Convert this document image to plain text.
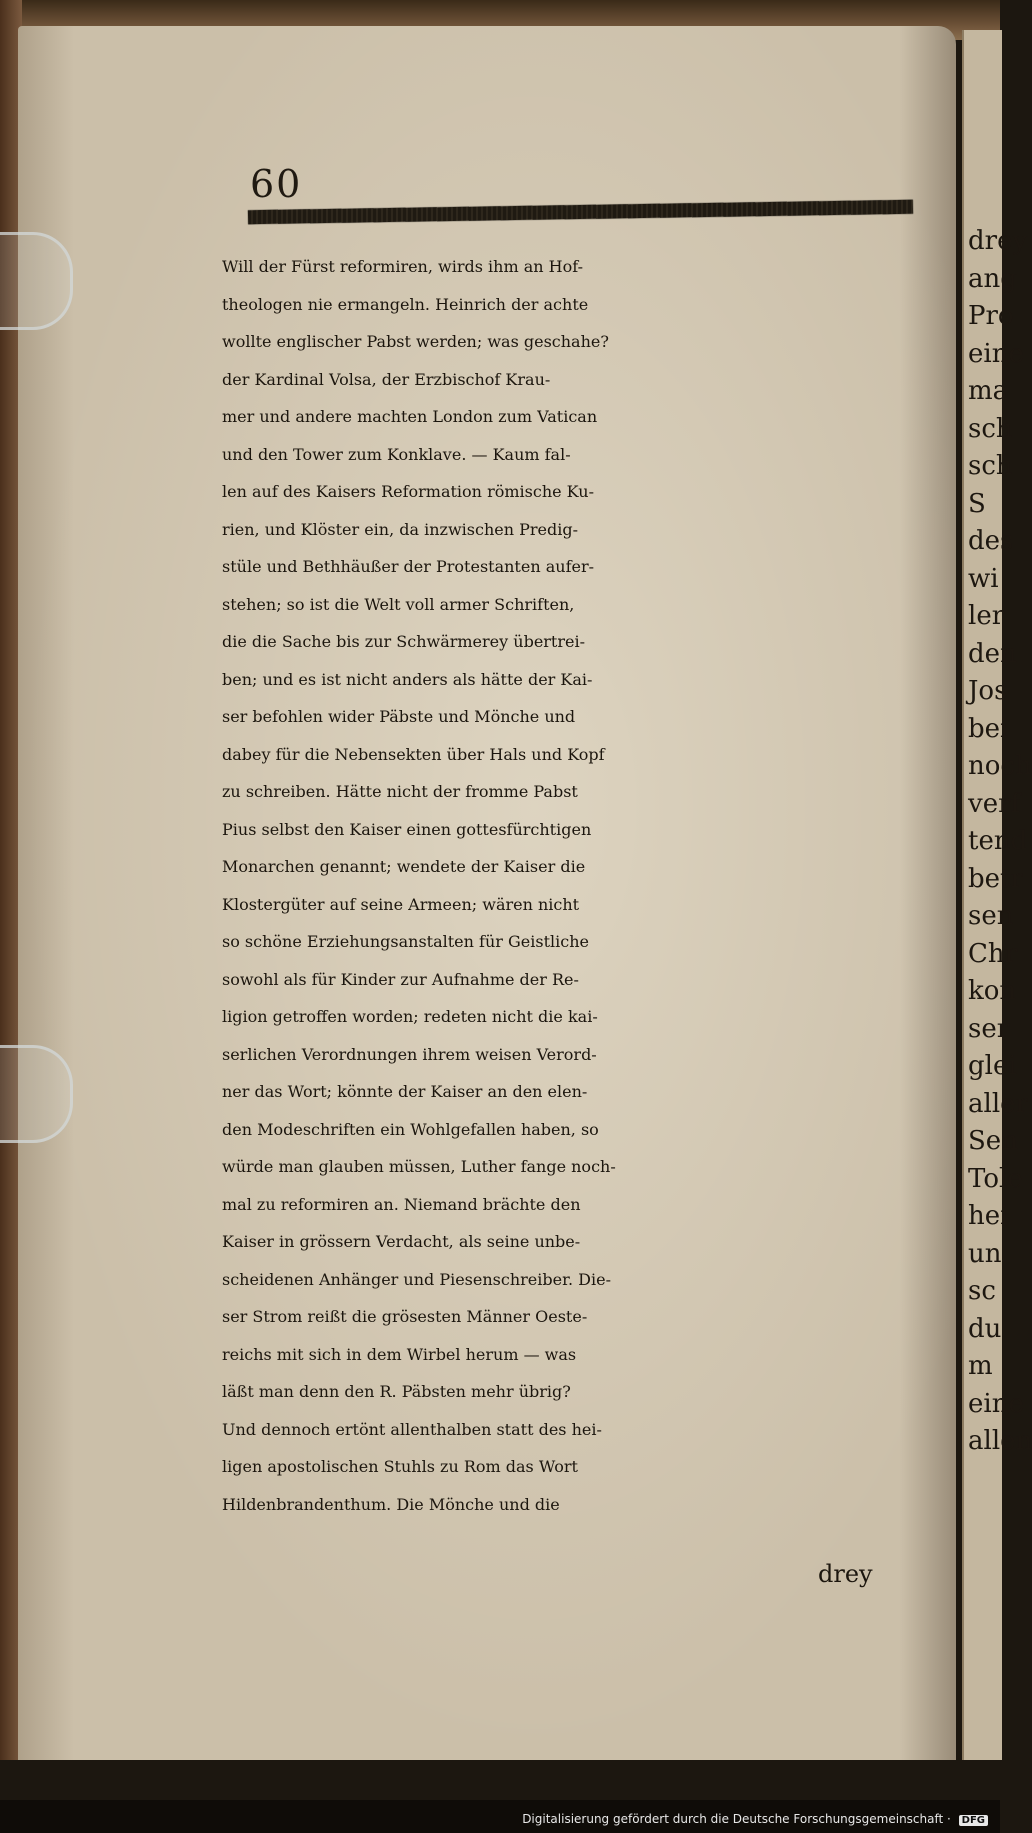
drey
ang
Pro
eine
ma
sch
sch
S
des
wi
ler
den
Jos
bei
noch
verf
tend
betr
sen
Chr
kon
ser
glei
aller
Sen
Tole
hei
un
sc
du
m
eine
allen
60
Will der Fürst reformiren, wirds ihm an Hof-
theologen nie ermangeln. Heinrich der achte
wollte englischer Pabst werden; was geschahe?
der Kardinal Volsa, der Erzbischof Krau-
mer und andere machten London zum Vatican
und den Tower zum Konklave. — Kaum fal-
len auf des Kaisers Reformation römische Ku-
rien, und Klöster ein, da inzwischen Predig-
stüle und Bethhäußer der Protestanten aufer-
stehen; so ist die Welt voll armer Schriften,
die die Sache bis zur Schwärmerey übertrei-
ben; und es ist nicht anders als hätte der Kai-
ser befohlen wider Päbste und Mönche und
dabey für die Nebensekten über Hals und Kopf
zu schreiben. Hätte nicht der fromme Pabst
Pius selbst den Kaiser einen gottesfürchtigen
Monarchen genannt; wendete der Kaiser die
Klostergüter auf seine Armeen; wären nicht
so schöne Erziehungsanstalten für Geistliche
sowohl als für Kinder zur Aufnahme der Re-
ligion getroffen worden; redeten nicht die kai-
serlichen Verordnungen ihrem weisen Verord-
ner das Wort; könnte der Kaiser an den elen-
den Modeschriften ein Wohlgefallen haben, so
würde man glauben müssen, Luther fange noch-
mal zu reformiren an. Niemand brächte den
Kaiser in grössern Verdacht, als seine unbe-
scheidenen Anhänger und Piesenschreiber. Die-
ser Strom reißt die grösesten Männer Oeste-
reichs mit sich in dem Wirbel herum — was
läßt man denn den R. Päbsten mehr übrig?
Und dennoch ertönt allenthalben statt des hei-
ligen apostolischen Stuhls zu Rom das Wort
Hildenbrandenthum. Die Mönche und die
drey
Digitalisierung gefördert durch die Deutsche Forschungsgemeinschaft · DFG
